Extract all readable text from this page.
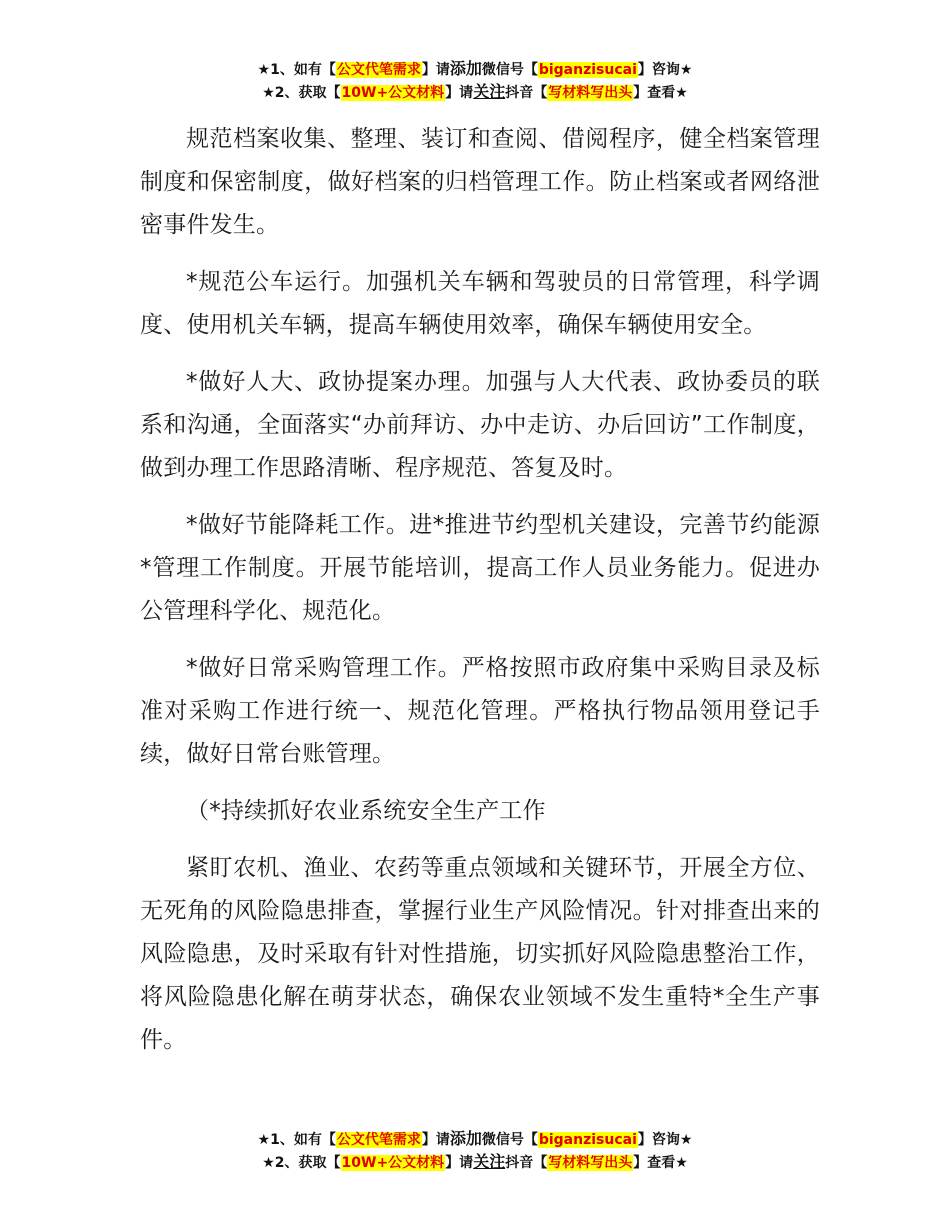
★1、如有【公文代笔需求】请添加微信号【biganzisucai】咨询★
★2、获取【10W+公文材料】请关注抖音【写材料写出头】查看★

规范档案收集、整理、装订和查阅、借阅程序，健全档案管理制度和保密制度，做好档案的归档管理工作。防止档案或者网络泄密事件发生。

*规范公车运行。加强机关车辆和驾驶员的日常管理，科学调度、使用机关车辆，提高车辆使用效率，确保车辆使用安全。

*做好人大、政协提案办理。加强与人大代表、政协委员的联系和沟通，全面落实“办前拜访、办中走访、办后回访”工作制度，做到办理工作思路清晰、程序规范、答复及时。

*做好节能降耗工作。进*推进节约型机关建设，完善节约能源*管理工作制度。开展节能培训，提高工作人员业务能力。促进办公管理科学化、规范化。

*做好日常采购管理工作。严格按照市政府集中采购目录及标准对采购工作进行统一、规范化管理。严格执行物品领用登记手续，做好日常台账管理。

（*持续抓好农业系统安全生产工作

紧盯农机、渔业、农药等重点领域和关键环节，开展全方位、无死角的风险隐患排查，掌握行业生产风险情况。针对排查出来的风险隐患，及时采取有针对性措施，切实抓好风险隐患整治工作，将风险隐患化解在萌芽状态，确保农业领域不发生重特*全生产事件。

★1、如有【公文代笔需求】请添加微信号【biganzisucai】咨询★
★2、获取【10W+公文材料】请关注抖音【写材料写出头】查看★
